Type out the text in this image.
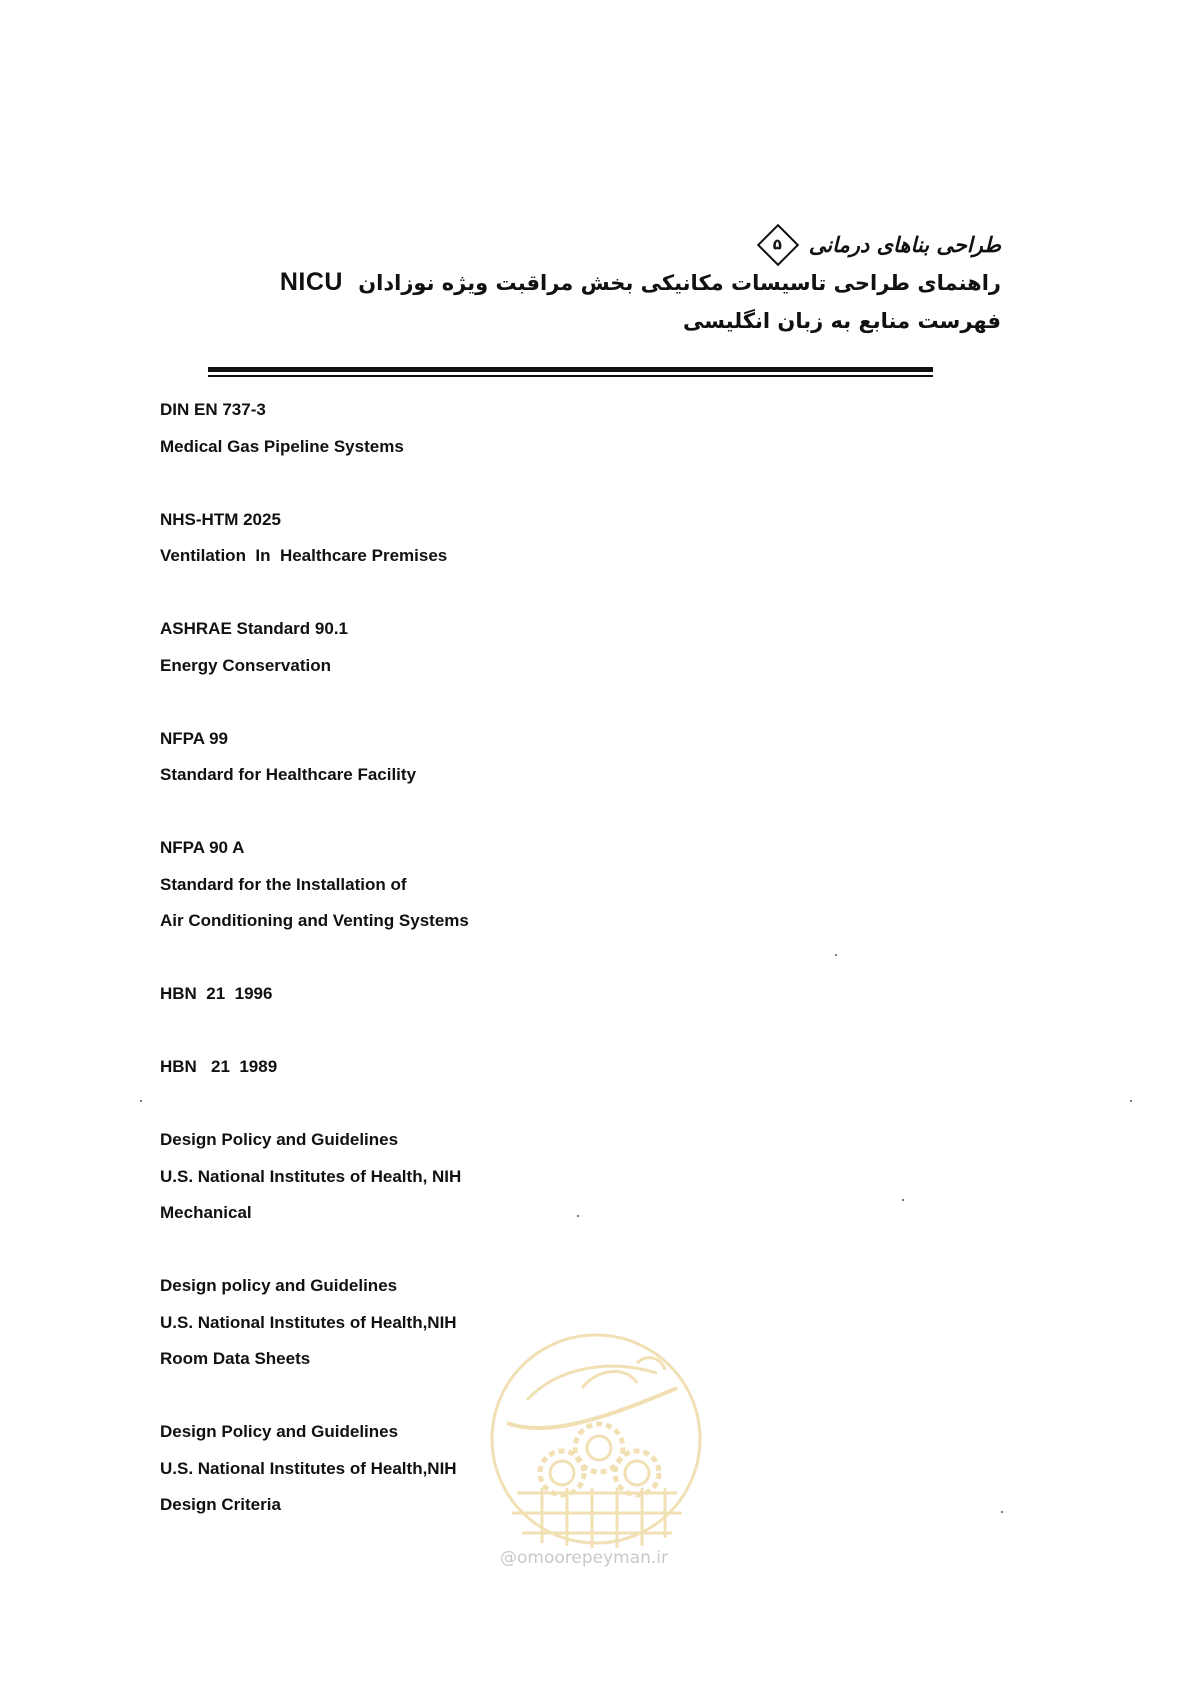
طراحی بناهای درمانی
۵
راهنمای طراحی تاسیسات مکانیکی بخش مراقبت ویژه نوزادان NICU
فهرست منابع به زبان انگلیسی
DIN EN 737-3
Medical Gas Pipeline Systems
NHS-HTM 2025
Ventilation  In  Healthcare Premises
ASHRAE Standard 90.1
Energy Conservation
NFPA 99
Standard for Healthcare Facility
NFPA 90 A
Standard for the Installation of
Air Conditioning and Venting Systems
HBN  21  1996
HBN   21  1989
Design Policy and Guidelines
U.S. National Institutes of Health, NIH
Mechanical
Design policy and Guidelines
U.S. National Institutes of Health,NIH
Room Data Sheets
Design Policy and Guidelines
U.S. National Institutes of Health,NIH
Design Criteria
@omoorepeyman.ir
